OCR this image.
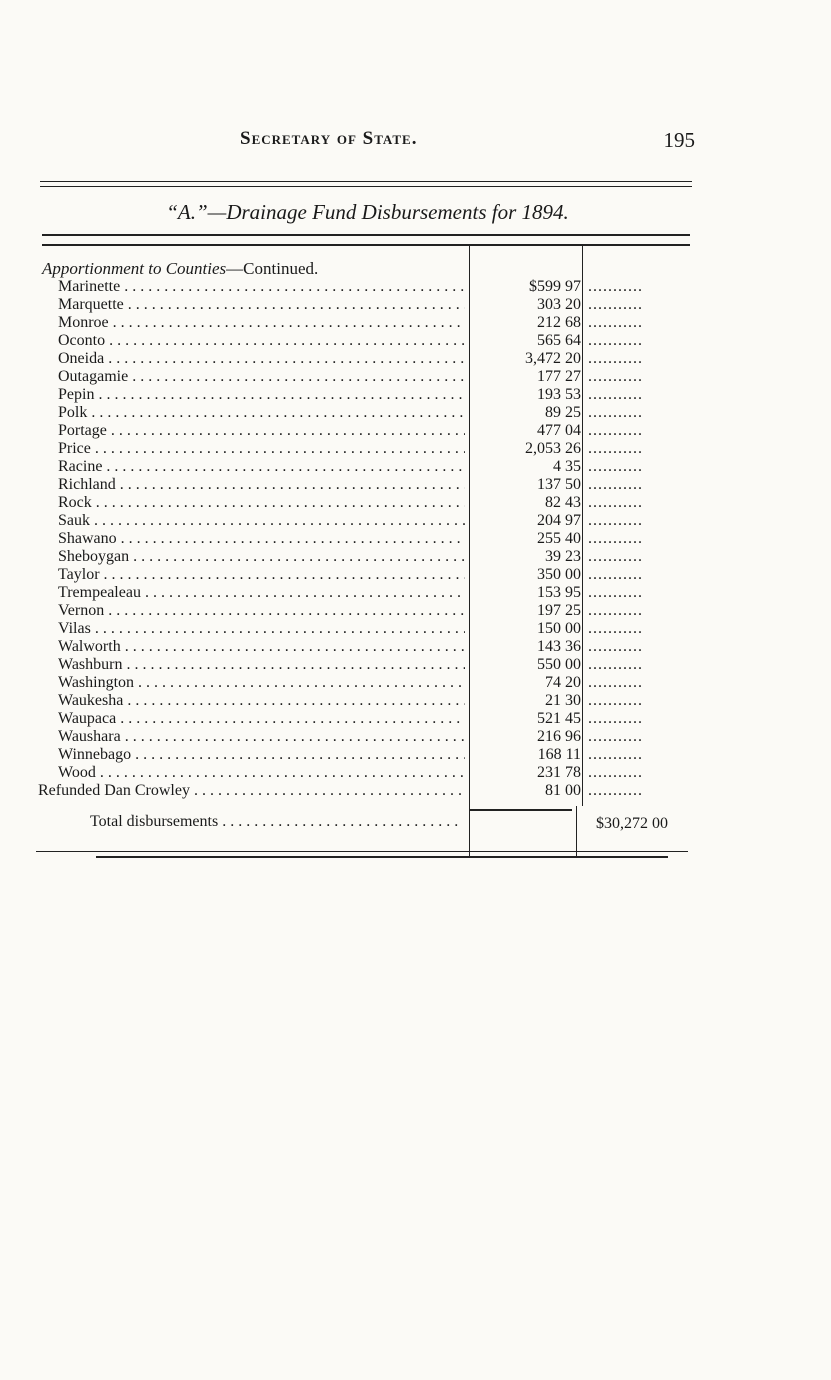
Secretary of State.	195
“A.”—Drainage Fund Disbursements for 1894.
Apportionment to Counties—Continued.
Marinette . . .	$599 97 ...........
Marquette . . .	303 20 ...........
Monroe . . .	212 68 ...........
Oconto . . .	565 64 ...........
Oneida . . .	3,472 20 ...........
Outagamie . . .	177 27 ...........
Pepin . . .	193 53 ...........
Polk . . .	89 25 ...........
Portage . . .	477 04 ...........
Price . . .	2,053 26 ...........
Racine . . .	4 35 ...........
Richland . . .	137 50 ...........
Rock . . .	82 43 ...........
Sauk . . .	204 97 ...........
Shawano . . .	255 40 ...........
Sheboygan . . .	39 23 ...........
Taylor . . .	350 00 ...........
Trempealeau . . .	153 95 ...........
Vernon . . .	197 25 ...........
Vilas . . .	150 00 ...........
Walworth . . .	143 36 ...........
Washburn . . .	550 00 ...........
Washington . . .	74 20 ...........
Waukesha . . .	21 30 ...........
Waupaca . . .	521 45 ...........
Waushara . . .	216 96 ...........
Winnebago . . .	168 11 ...........
Wood . . .	231 78 ...........
Refunded Dan Crowley . . .	81 00 ...........
Total disbursements . . .	$30,272 00
